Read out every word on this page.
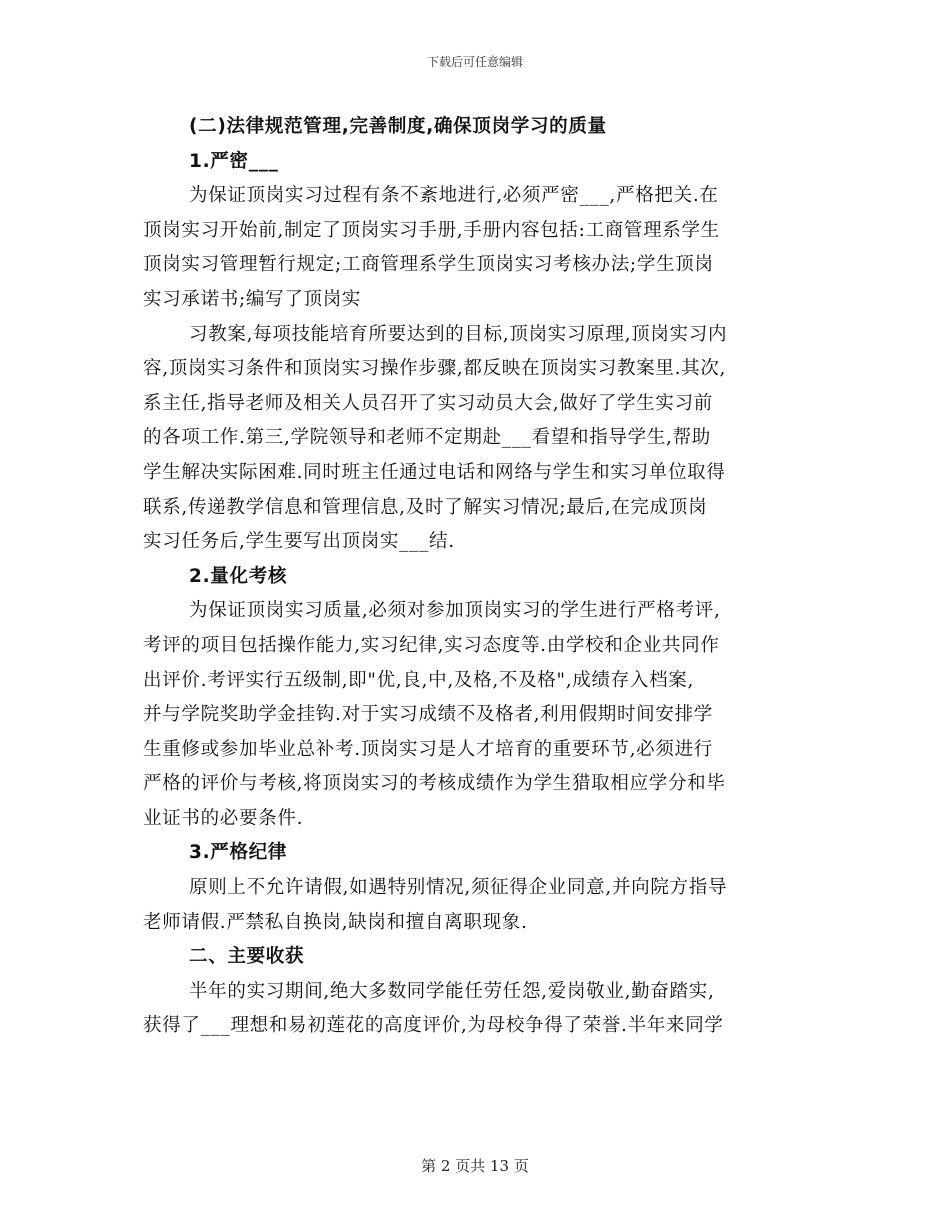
下载后可任意编辑

(二)法律规范管理,完善制度,确保顶岗学习的质量

1.严密___

为保证顶岗实习过程有条不紊地进行,必须严密___,严格把关.在
顶岗实习开始前,制定了顶岗实习手册,手册内容包括:工商管理系学生
顶岗实习管理暂行规定;工商管理系学生顶岗实习考核办法;学生顶岗
实习承诺书;编写了顶岗实
习教案,每项技能培育所要达到的目标,顶岗实习原理,顶岗实习内
容,顶岗实习条件和顶岗实习操作步骤,都反映在顶岗实习教案里.其次,
系主任,指导老师及相关人员召开了实习动员大会,做好了学生实习前
的各项工作.第三,学院领导和老师不定期赴___看望和指导学生,帮助
学生解决实际困难.同时班主任通过电话和网络与学生和实习单位取得
联系,传递教学信息和管理信息,及时了解实习情况;最后,在完成顶岗
实习任务后,学生要写出顶岗实___结.

2.量化考核

为保证顶岗实习质量,必须对参加顶岗实习的学生进行严格考评,
考评的项目包括操作能力,实习纪律,实习态度等.由学校和企业共同作
出评价.考评实行五级制,即"优,良,中,及格,不及格",成绩存入档案,
并与学院奖助学金挂钩.对于实习成绩不及格者,利用假期时间安排学
生重修或参加毕业总补考.顶岗实习是人才培育的重要环节,必须进行
严格的评价与考核,将顶岗实习的考核成绩作为学生猎取相应学分和毕
业证书的必要条件.

3.严格纪律

原则上不允许请假,如遇特别情况,须征得企业同意,并向院方指导
老师请假.严禁私自换岗,缺岗和擅自离职现象.

二、主要收获

半年的实习期间,绝大多数同学能任劳任怨,爱岗敬业,勤奋踏实,
获得了___理想和易初莲花的高度评价,为母校争得了荣誉.半年来同学
第 2 页共 13 页
